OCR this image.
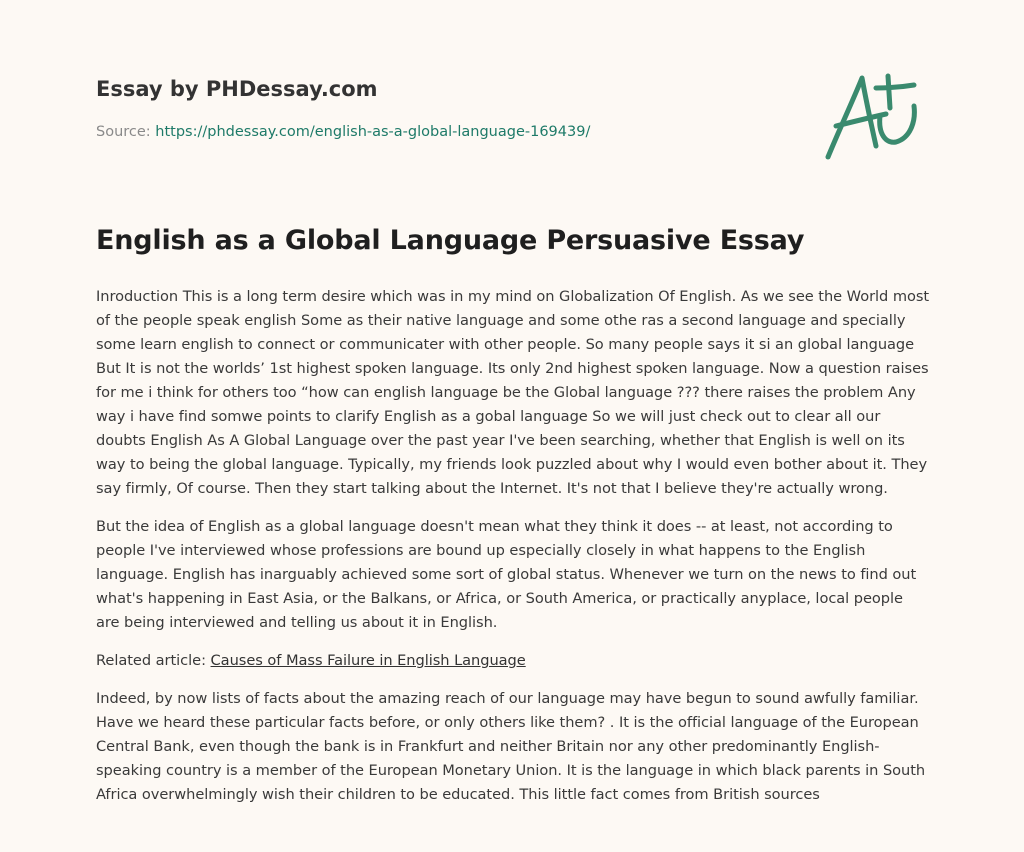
Essay by PHDessay.com
Source: https://phdessay.com/english-as-a-global-language-169439/
English as a Global Language Persuasive Essay

Inroduction This is a long term desire which was in my mind on Globalization Of English. As we see the World most of the people speak english Some as their native language and some othe ras a second language and specially some learn english to connect or communicater with other people. So many people says it si an global language But It is not the worlds’ 1st highest spoken language. Its only 2nd highest spoken language. Now a question raises for me i think for others too “how can english language be the Global language ??? there raises the problem Any way i have find somwe points to clarify English as a gobal language So we will just check out to clear all our doubts English As A Global Language over the past year I've been searching, whether that English is well on its way to being the global language. Typically, my friends look puzzled about why I would even bother about it. They say firmly, Of course. Then they start talking about the Internet. It's not that I believe they're actually wrong.

But the idea of English as a global language doesn't mean what they think it does -- at least, not according to people I've interviewed whose professions are bound up especially closely in what happens to the English language. English has inarguably achieved some sort of global status. Whenever we turn on the news to find out what's happening in East Asia, or the Balkans, or Africa, or South America, or practically anyplace, local people are being interviewed and telling us about it in English.

Related article: Causes of Mass Failure in English Language

Indeed, by now lists of facts about the amazing reach of our language may have begun to sound awfully familiar. Have we heard these particular facts before, or only others like them? . It is the official language of the European Central Bank, even though the bank is in Frankfurt and neither Britain nor any other predominantly English-speaking country is a member of the European Monetary Union. It is the language in which black parents in South Africa overwhelmingly wish their children to be educated. This little fact comes from British sources
